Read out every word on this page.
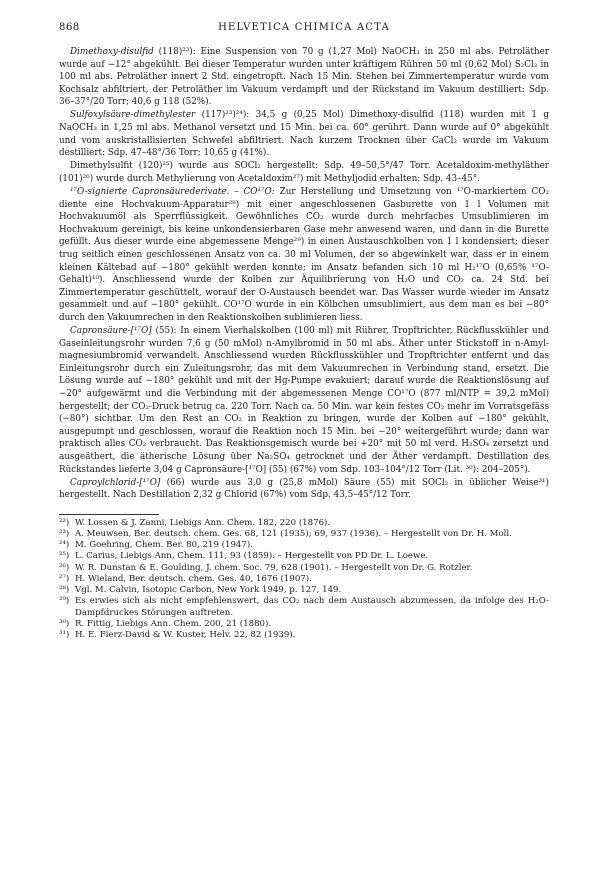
868	HELVETICA CHIMICA ACTA

Dimethoxy-disulfid (118)²³): Eine Suspension von 70 g (1,27 Mol) NaOCH₃ in 250 ml abs. Petroläther wurde auf −12° abgekühlt. Bei dieser Temperatur wurden unter kräftigem Rühren 50 ml (0,62 Mol) S₂Cl₂ in 100 ml abs. Petroläther innert 2 Std. eingetropft. Nach 15 Min. Stehen bei Zimmertemperatur wurde vom Kochsalz abfiltriert, der Petroläther im Vakuum verdampft und der Rückstand im Vakuum destilliert: Sdp. 36–37°/20 Torr; 40,6 g 118 (52%).

Sulfoxylsäure-dimethylester (117)²³)²⁴): 34,5 g (0,25 Mol) Dimethoxy-disulfid (118) wurden mit 1 g NaOCH₃ in 1,25 ml abs. Methanol versetzt und 15 Min. bei ca. 60° gerührt. Dann wurde auf 0° abgekühlt und vom auskristallisierten Schwefel abfiltriert. Nach kurzem Trocknen über CaCl₂ wurde im Vakuum destilliert: Sdp. 47–48°/36 Torr; 10,65 g (41%).

Dimethylsulfit (120)²⁵) wurde aus SOCl₂ hergestellt: Sdp. 49–50,5°/47 Torr. Acetaldoxim-methyläther (101)²⁶) wurde durch Methylierung von Acetaldoxim²⁷) mit Methyljodid erhalten: Sdp. 43–45°.

¹⁷O-signierte Capronsäurederivate. – CO¹⁷O: Zur Herstellung und Umsetzung von ¹⁷O-markiertem CO₂ diente eine Hochvakuum-Apparatur²⁸) mit einer angeschlossenen Gasburette von 1 l Volumen mit Hochvakuumöl als Sperrflüssigkeit. Gewöhnliches CO₂ wurde durch mehrfaches Umsublimieren im Hochvakuum gereinigt, bis keine unkondensierbaren Gase mehr anwesend waren, und dann in die Burette gefüllt. Aus dieser wurde eine abgemessene Menge²⁹) in einen Austauschkolben von 1 l kondensiert; dieser trug seitlich einen geschlossenen Ansatz von ca. 30 ml Volumen, der so abgewinkelt war, dass er in einem kleinen Kältebad auf −180° gekühlt werden konnte; im Ansatz befanden sich 10 ml H₂¹⁷O (0,65% ¹⁷O-Gehalt)¹⁰). Anschliessend wurde der Kolben zur Äquilibrierung von H₂O und CO₂ ca. 24 Std. bei Zimmertemperatur geschüttelt, worauf der O-Austausch beendet war. Das Wasser wurde wieder im Ansatz gesammelt und auf −180° gekühlt. CO¹⁷O wurde in ein Kölbchen umsublimiert, aus dem man es bei −80° durch den Vakuumrechen in den Reaktionskolben sublimieren liess.

Capronsäure-[¹⁷O] (55): In einem Vierhalskolben (100 ml) mit Rührer, Tropftrichter, Rückflusskühler und Gaseinleitungsrohr wurden 7,6 g (50 mMol) n-Amylbromid in 50 ml abs. Äther unter Stickstoff in n-Amyl-magnesiumbromid verwandelt. Anschliessend wurden Rückflusskühler und Tropftrichter entfernt und das Einleitungsrohr durch ein Zuleitungsrohr, das mit dem Vakuumrechen in Verbindung stand, ersetzt. Die Lösung wurde auf −180° gekühlt und mit der Hg-Pumpe evakuiert; darauf wurde die Reaktionslösung auf −20° aufgewärmt und die Verbindung mit der abgemessenen Menge CO¹⁷O (877 ml/NTP = 39,2 mMol) hergestellt; der CO₂-Druck betrug ca. 220 Torr. Nach ca. 50 Min. war kein festes CO₂ mehr im Vorratsgefäss (−80°) sichtbar. Um den Rest an CO₂ in Reaktion zu bringen, wurde der Kolben auf −180° gekühlt, ausgepumpt und geschlossen, worauf die Reaktion noch 15 Min. bei −20° weitergeführt wurde; dann war praktisch alles CO₂ verbraucht. Das Reaktionsgemisch wurde bei +20° mit 50 ml verd. H₂SO₄ zersetzt und ausgeäthert, die ätherische Lösung über Na₂SO₄ getrocknet und der Äther verdampft. Destillation des Rückstandes lieferte 3,04 g Capronsäure-[¹⁷O] (55) (67%) vom Sdp. 103–104°/12 Torr (Lit. ³⁰): 204–205°).

Caproylchlorid-[¹⁷O] (66) wurde aus 3,0 g (25,8 mMol) Säure (55) mit SOCl₂ in üblicher Weise³¹) hergestellt. Nach Destillation 2,32 g Chlorid (67%) vom Sdp. 43,5–45°/12 Torr.

²²) W. Lossen & J. Zanni, Liebigs Ann. Chem. 182, 220 (1876).
²³) A. Meuwsen, Ber. deutsch. chem. Ges. 68, 121 (1935); 69, 937 (1936). – Hergestellt von Dr. H. Moll.
²⁴) M. Goehring, Chem. Ber. 80, 219 (1947).
²⁵) L. Carius, Liebigs Ann. Chem. 111, 93 (1859). – Hergestellt von PD Dr. L. Loewe.
²⁶) W. R. Dunstan & E. Goulding, J. chem. Soc. 79, 628 (1901). – Hergestellt von Dr. G. Rotzler.
²⁷) H. Wieland, Ber. deutsch. chem. Ges. 40, 1676 (1907).
²⁸) Vgl. M. Calvin, Isotopic Carbon, New York 1949, p. 127, 149.
²⁹) Es erwies sich als nicht empfehlenswert, das CO₂ nach dem Austausch abzumessen, da infolge des H₂O-Dampfdruckes Störungen auftreten.
³⁰) R. Fittig, Liebigs Ann. Chem. 200, 21 (1880).
³¹) H. E. Fierz-David & W. Kuster, Helv. 22, 82 (1939).
